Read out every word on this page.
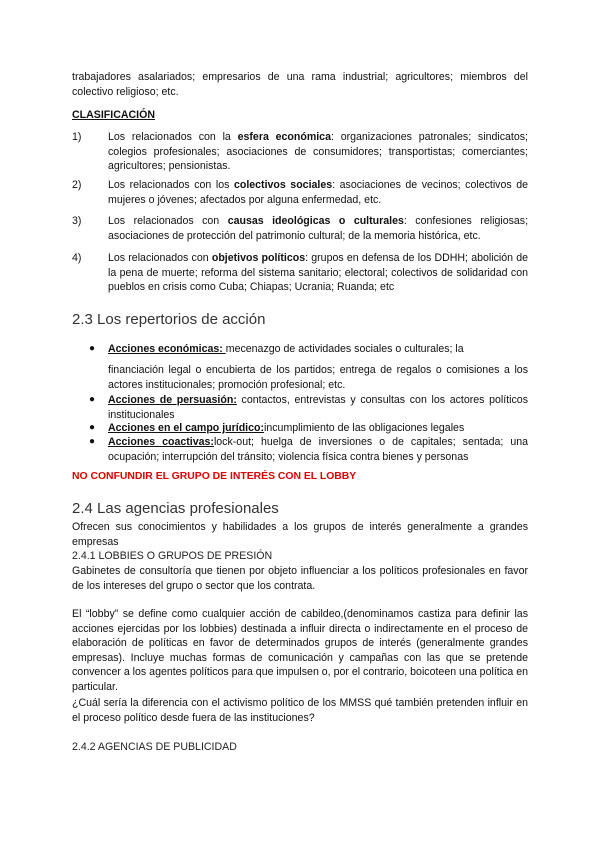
trabajadores asalariados; empresarios de una rama industrial; agricultores; miembros del colectivo religioso; etc.

CLASIFICACIÓN

1)	Los relacionados con la esfera económica: organizaciones patronales; sindicatos; colegios profesionales; asociaciones de consumidores; transportistas; comerciantes; agricultores; pensionistas.

2)	Los relacionados con los colectivos sociales: asociaciones de vecinos; colectivos de mujeres o jóvenes; afectados por alguna enfermedad, etc.

3)	Los relacionados con causas ideológicas o culturales: confesiones religiosas; asociaciones de protección del patrimonio cultural; de la memoria histórica, etc.

4)	Los relacionados con objetivos políticos: grupos en defensa de los DDHH; abolición de la pena de muerte; reforma del sistema sanitario; electoral; colectivos de solidaridad con pueblos en crisis como Cuba; Chiapas; Ucrania; Ruanda; etc

2.3 Los repertorios de acción

● Acciones económicas: mecenazgo de actividades sociales o culturales; la

financiación legal o encubierta de los partidos; entrega de regalos o comisiones a los actores institucionales; promoción profesional; etc.

● Acciones de persuasión: contactos, entrevistas y consultas con los actores políticos institucionales

● Acciones en el campo jurídico:incumplimiento de las obligaciones legales

● Acciones coactivas:lock-out; huelga de inversiones o de capitales; sentada; una ocupación; interrupción del tránsito; violencia física contra bienes y personas

NO CONFUNDIR EL GRUPO DE INTERÉS CON EL LOBBY

2.4 Las agencias profesionales

Ofrecen sus conocimientos y habilidades a los grupos de interés generalmente a grandes empresas

2.4.1 LOBBIES O GRUPOS DE PRESIÓN

Gabinetes de consultoría que tienen por objeto influenciar a los políticos profesionales en favor de los intereses del grupo o sector que los contrata.

El “lobby” se define como cualquier acción de cabildeo,(denominamos castiza para definir las acciones ejercidas por los lobbies) destinada a influir directa o indirectamente en el proceso de elaboración de políticas en favor de determinados grupos de interés (generalmente grandes empresas). Incluye muchas formas de comunicación y campañas con las que se pretende convencer a los agentes políticos para que impulsen o, por el contrario, boicoteen una política en particular.

¿Cuál sería la diferencia con el activismo político de los MMSS qué también pretenden influir en el proceso político desde fuera de las instituciones?

2.4.2 AGENCIAS DE PUBLICIDAD
